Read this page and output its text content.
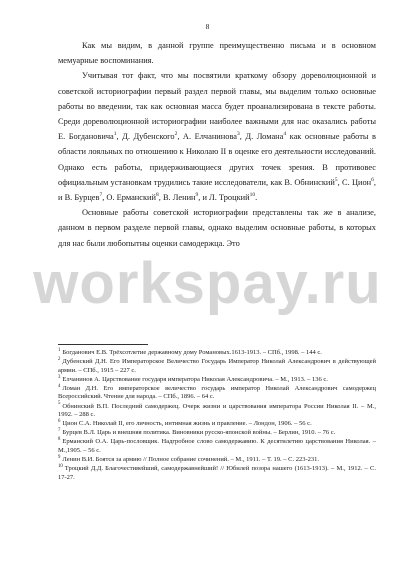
8

Как мы видим, в данной группе преимущественно письма и в основном мемуарные воспоминания.

Учитывая тот факт, что мы посвятили краткому обзору дореволюционной и советской историографии первый раздел первой главы, мы выделим только основные работы во введении, так как основная масса будет проанализирована в тексте работы. Среди дореволюционной историографии наиболее важными для нас оказались работы Е. Богдановича$^1$, Д. Дубенского$^2$, А. Елчанинова$^3$, Д. Ломана$^4$ как основные работы в области лояльных по отношению к Николаю II в оценке его деятельности исследований. Однако есть работы, придерживающиеся других точек зрения. В противовес официальным установкам трудились такие исследователи, как В. Обнинский$^5$, С. Цион$^6$, и В. Бурцев$^7$, О. Ерманский$^8$, В. Ленин$^9$, и Л. Троцкий$^{10}$.

Основные работы советской историографии представлены так же в анализе, данном в первом разделе первой главы, однако выделим основные работы, в которых для нас были любопытны оценки самодержца. Это

workspay.ru
$^1$ Богданович Е.В. Трёхсотлетие державному дому Романовых.1613-1913. – СПб., 1998. – 144 с.
$^2$ Дубенский Д.Н. Его Императорское Величество Государь Император Николай Александрович в действующей армии. – СПб., 1915 – 227 с.
$^3$ Елчанинов А. Царствование государя императора Николая Александровича. – М., 1913. – 136 с.
$^4$ Ломан Д.Н. Его императорское величество государь император Николай Александрович самодержец Всероссийский. Чтение для народа. – СПб., 1896. – 64 с.
$^5$ Обнинский В.П. Последний самодержец. Очерк жизни и царствования императора России Николая II. – М., 1992. – 288 с.
$^6$ Цион С.А. Николай II, его личность, интимная жизнь и правление. – Лондон, 1906. – 56 с.
$^7$ Бурцев В.Л. Царь и внешняя политика. Виновники русско-японской войны. – Берлин, 1910. – 76 с.
$^8$ Ерманский О.А. Царь-пословщик. Надгробное слово самодержавию. К десятилетию царствования Николая. – М.,1905. – 56 с.
$^9$ Ленин В.И. Боятся за армию // Полное собрание сочинений. – М., 1911. – Т. 19. – С. 223-231.
$^{10}$ Троцкий Д.Д. Благочестивейший, самодержавнейший! // Юбилей позора нашего (1613-1913). – М., 1912. – С. 17-27.
